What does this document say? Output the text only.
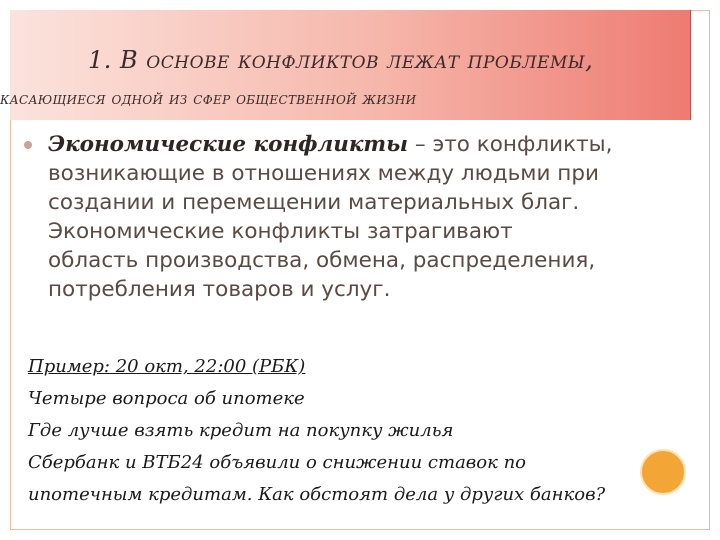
1. В основе конфликтов лежат проблемы,
касающиеся одной из сфер общественной жизни
Экономические конфликты – это конфликты,
возникающие в отношениях между людьми при
создании и перемещении материальных благ.
Экономические конфликты затрагивают
область производства, обмена, распределения,
потребления товаров и услуг.
Пример: 20 окт, 22:00 (РБК)
Четыре вопроса об ипотеке
Где лучше взять кредит на покупку жилья
Сбербанк и ВТБ24 объявили о снижении ставок по
ипотечным кредитам. Как обстоят дела у других банков?
